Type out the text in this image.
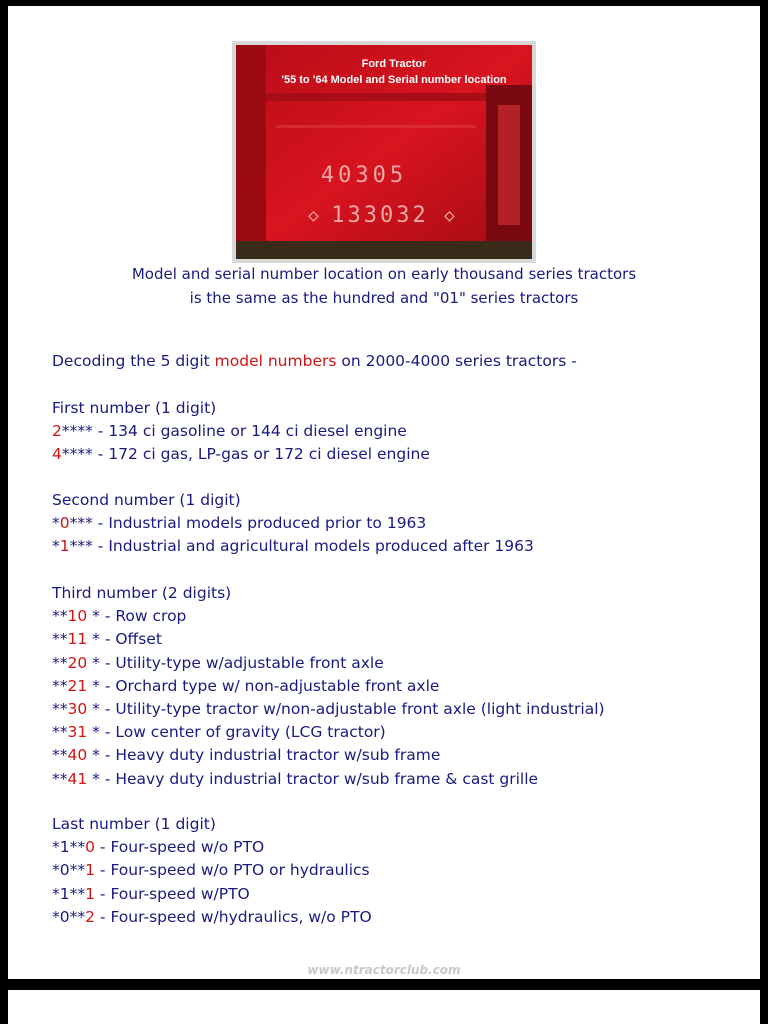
Ford Tractor
'55 to '64 Model and Serial number location
40305
◇ 133032 ◇
Model and serial number location on early thousand series tractors
is the same as the hundred and "01" series tractors
Decoding the 5 digit model numbers on 2000-4000 series tractors -
First number (1 digit)
2**** - 134 ci gasoline or 144 ci diesel engine
4**** - 172 ci gas, LP-gas or 172 ci diesel engine
Second number (1 digit)
*0*** - Industrial models produced prior to 1963
*1*** - Industrial and agricultural models produced after 1963
Third number (2 digits)
**10 * - Row crop
**11 * - Offset
**20 * - Utility-type w/adjustable front axle
**21 * - Orchard type w/ non-adjustable front axle
**30 * - Utility-type tractor w/non-adjustable front axle (light industrial)
**31 * - Low center of gravity (LCG tractor)
**40 * - Heavy duty industrial tractor w/sub frame
**41 * - Heavy duty industrial tractor w/sub frame & cast grille
Last number (1 digit)
*1**0 - Four-speed w/o PTO
*0**1 - Four-speed w/o PTO or hydraulics
*1**1 - Four-speed w/PTO
*0**2 - Four-speed w/hydraulics, w/o PTO
www.ntractorclub.com
